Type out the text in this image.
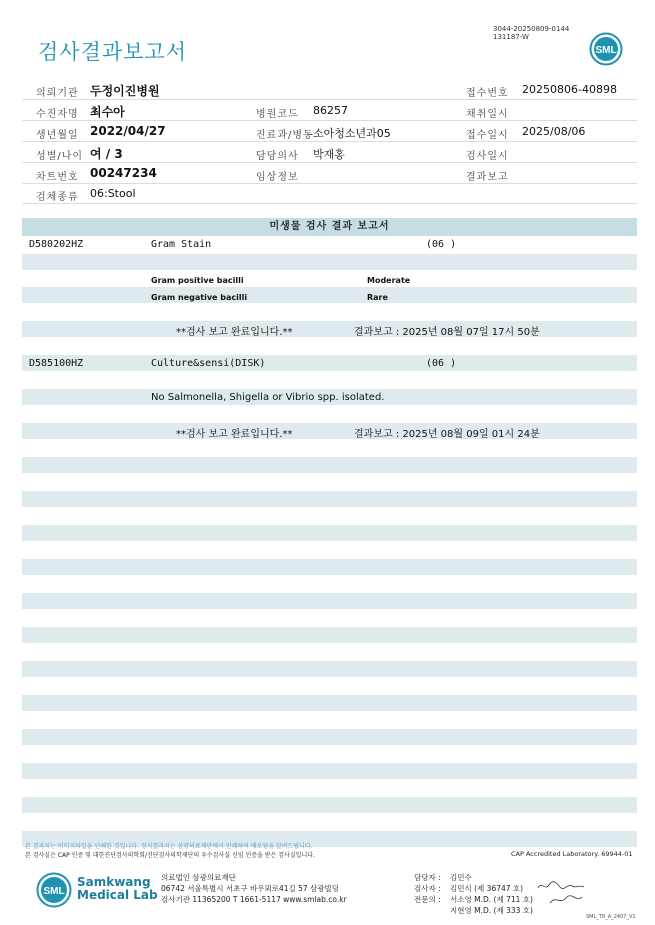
검사결과보고서
3044-20250809-0144
131187-W
SML
의뢰기관 두정이진병원	접수번호 20250806-40898
수진자명 최수아	병원코드 86257	채취일시
생년월일 2022/04/27	진료과/병동 소아청소년과05	접수일시 2025/08/06
성별/나이 여 / 3	담당의사 박재홍	검사일시
차트번호 00247234	임상정보	결과보고
검체종류 06:Stool
미생물 검사 결과 보고서
D580202HZ	Gram Stain	(06 )
Gram positive bacilli	Moderate
Gram negative bacilli	Rare
**검사 보고 완료입니다.**	결과보고 : 2025년 08월 07일 17시 50분
D585100HZ	Culture&sensi(DISK)	(06 )
No Salmonella, Shigella or Vibrio spp. isolated.
**검사 보고 완료입니다.**	결과보고 : 2025년 08월 09일 01시 24분
본 결과지는 이미지파일을 인쇄한 것입니다. 정식결과지는 삼광의료재단에서 인쇄하여 배포됨을 알려드립니다.
본 검사실은 CAP 인증 및 대한진단검사의학회/진단검사의학재단의 우수검사실 신임 인증을 받은 검사실입니다.	CAP Accredited Laboratory. 69944-01
SML
Samkwang
Medical Lab
의료법인 삼광의료재단
06742 서울특별시 서초구 바우뫼로41길 57 삼광빌딩
검사기관 11365200 T 1661-5117 www.smlab.co.kr
담당자 : 김민수
검사자 : 김민식 (제 36747 호)
전문의 : 서소영 M.D. (제 711 호)
지현영 M.D. (제 333 호)
SML_TR_A_2407_V1
